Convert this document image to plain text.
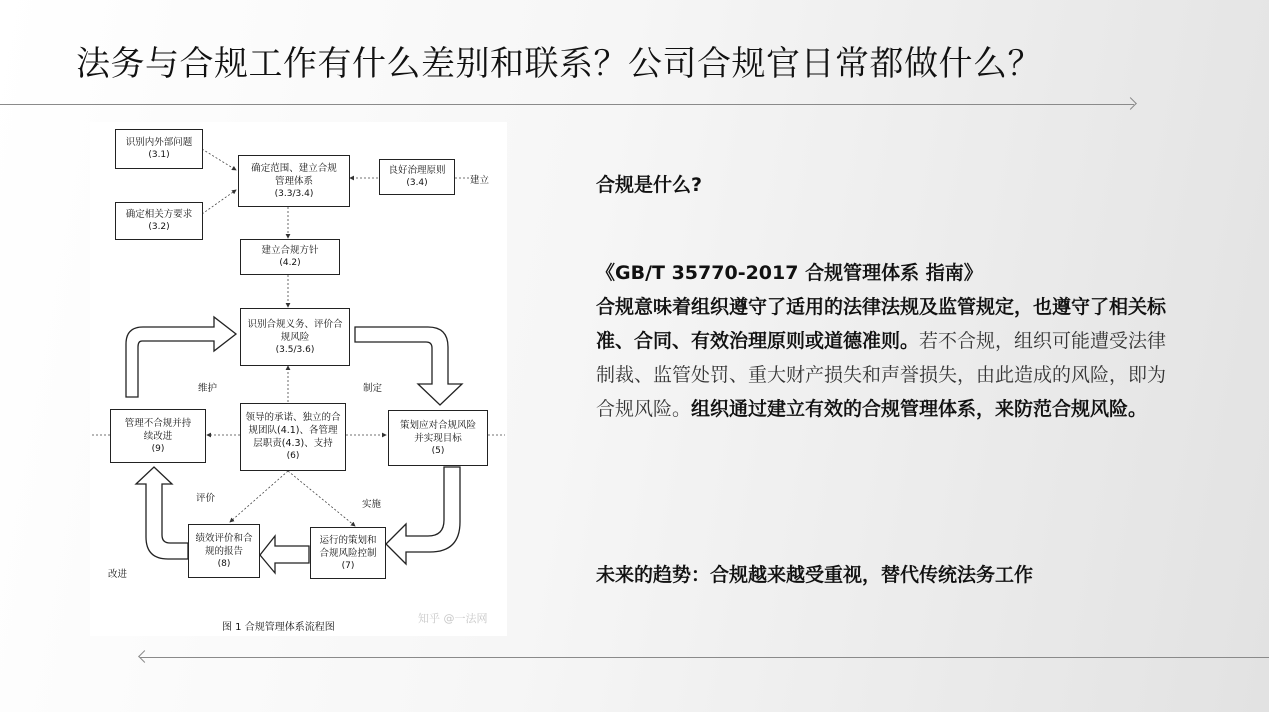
法务与合规工作有什么差别和联系？公司合规官日常都做什么？
识别内外部问题
(3.1)
确定相关方要求
(3.2)
确定范围、建立合规管理体系
(3.3/3.4)
良好治理原则
(3.4)	建立
建立合规方针
(4.2)
识别合规义务、评价合规风险
(3.5/3.6)
维护	制定
管理不合规并持续改进
(9)
领导的承诺、独立的合规团队(4.1)、各管理层职责(4.3)、支持
(6)
策划应对合规风险并实现目标
(5)
评价
实施
绩效评价和合规的报告
(8)
运行的策划和合规风险控制
(7)
改进
图 1 合规管理体系流程图
知乎 @一法网

合规是什么?

《GB/T 35770-2017 合规管理体系 指南》

合规意味着组织遵守了适用的法律法规及监管规定，也遵守了相关标准、合同、有效治理原则或道德准则。若不合规，组织可能遭受法律制裁、监管处罚、重大财产损失和声誉损失，由此造成的风险，即为合规风险。组织通过建立有效的合规管理体系，来防范合规风险。

未来的趋势：合规越来越受重视，替代传统法务工作
